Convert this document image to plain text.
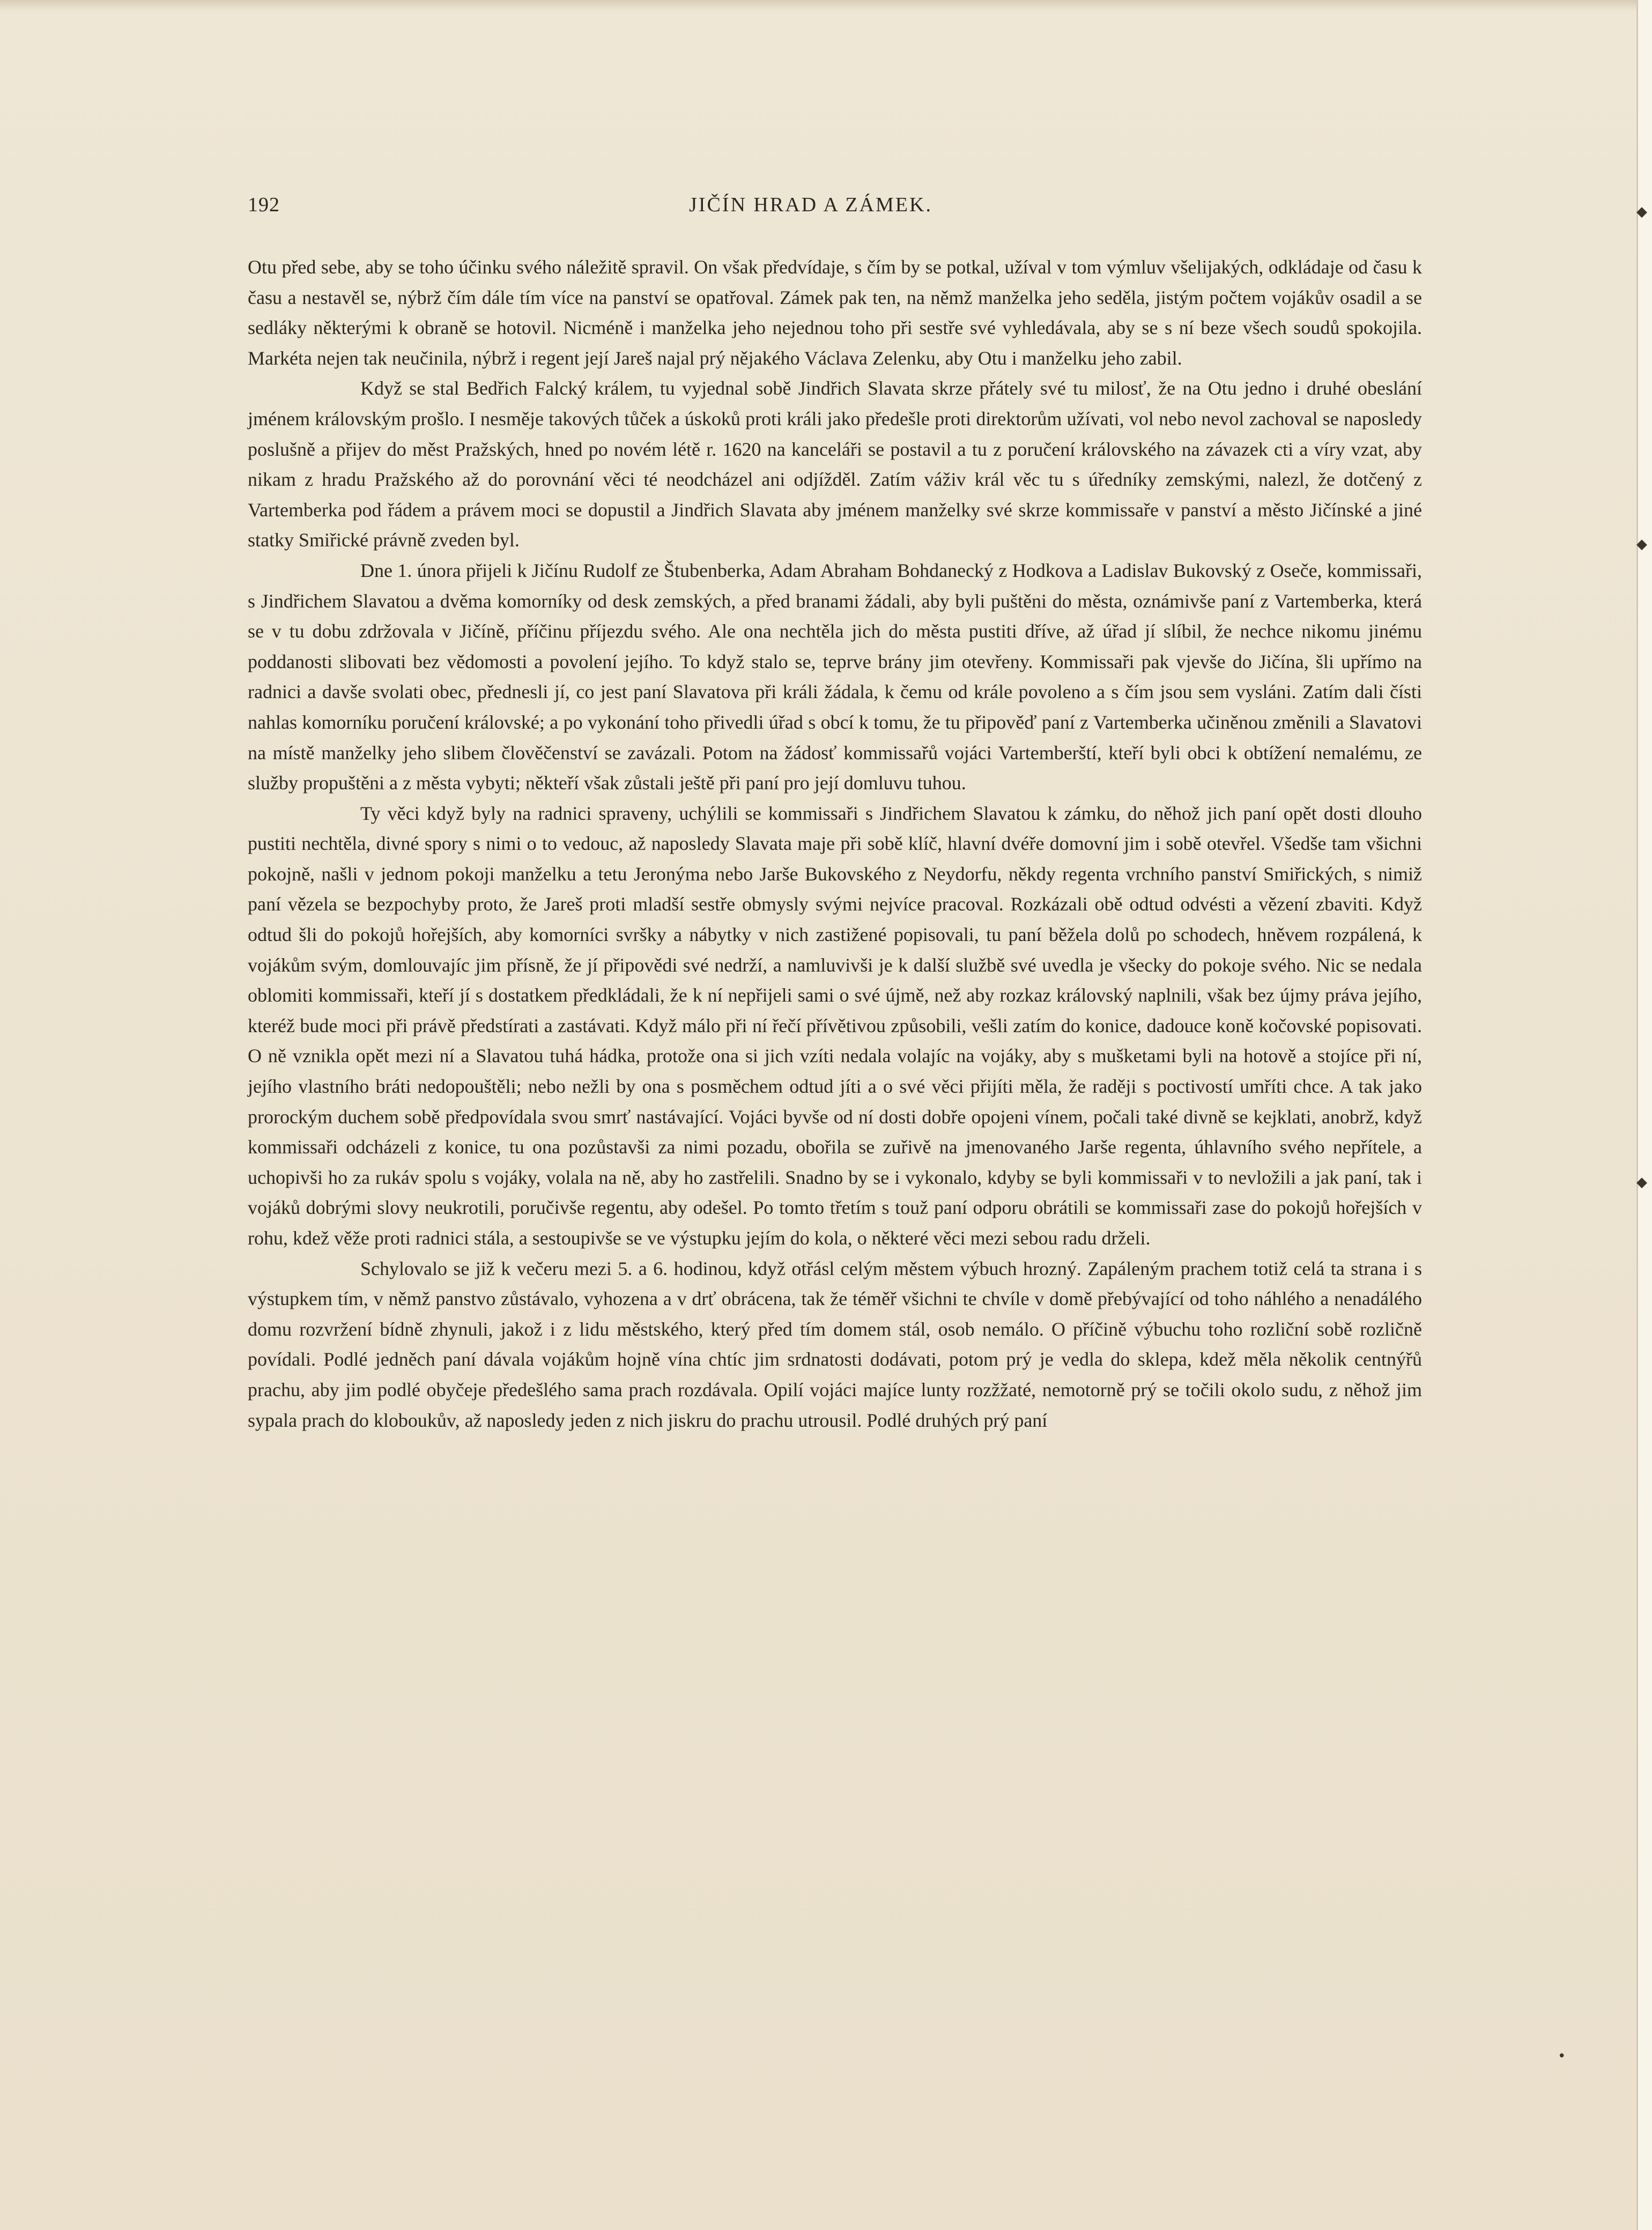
192	JIČÍN HRAD A ZÁMEK.

Otu před sebe, aby se toho účinku svého náležitě spravil. On však předvídaje, s čím by se potkal, užíval v tom výmluv všelijakých, odkládaje od času k času a nestavěl se, nýbrž čím dále tím více na panství se opatřoval. Zámek pak ten, na němž manželka jeho seděla, jistým počtem vojákův osadil a se sedláky některými k obraně se hotovil. Nicméně i manželka jeho nejednou toho při sestře své vyhledávala, aby se s ní beze všech soudů spokojila. Markéta nejen tak neučinila, nýbrž i regent její Jareš najal prý nějakého Václava Zelenku, aby Otu i manželku jeho zabil.

Když se stal Bedřich Falcký králem, tu vyjednal sobě Jindřich Slavata skrze přátely své tu milosť, že na Otu jedno i druhé obeslání jménem královským prošlo. I nesměje takových tůček a úskoků proti králi jako předešle proti direktorům užívati, vol nebo nevol zachoval se naposledy poslušně a přijev do měst Pražských, hned po novém létě r. 1620 na kanceláři se postavil a tu z poručení královského na závazek cti a víry vzat, aby nikam z hradu Pražského až do porovnání věci té neodcházel ani odjížděl. Zatím váživ král věc tu s úředníky zemskými, nalezl, že dotčený z Vartemberka pod řádem a právem moci se dopustil a Jindřich Slavata aby jménem manželky své skrze kommissaře v panství a město Jičínské a jiné statky Smiřické právně zveden byl.

Dne 1. února přijeli k Jičínu Rudolf ze Štubenberka, Adam Abraham Bohdanecký z Hodkova a Ladislav Bukovský z Oseče, kommissaři, s Jindřichem Slavatou a dvěma komorníky od desk zemských, a před branami žádali, aby byli puštěni do města, oznámivše paní z Vartemberka, která se v tu dobu zdržovala v Jičíně, příčinu příjezdu svého. Ale ona nechtěla jich do města pustiti dříve, až úřad jí slíbil, že nechce nikomu jinému poddanosti slibovati bez vědomosti a povolení jejího. To když stalo se, teprve brány jim otevřeny. Kommissaři pak vjevše do Jičína, šli upřímo na radnici a davše svolati obec, přednesli jí, co jest paní Slavatova při králi žádala, k čemu od krále povoleno a s čím jsou sem vysláni. Zatím dali čísti nahlas komorníku poručení královské; a po vykonání toho přivedli úřad s obcí k tomu, že tu připověď paní z Vartemberka učiněnou změnili a Slavatovi na místě manželky jeho slibem člověčenství se zavázali. Potom na žádosť kommissařů vojáci Vartemberští, kteří byli obci k obtížení nemalému, ze služby propuštěni a z města vybyti; někteří však zůstali ještě při paní pro její domluvu tuhou.

Ty věci když byly na radnici spraveny, uchýlili se kommissaři s Jindřichem Slavatou k zámku, do něhož jich paní opět dosti dlouho pustiti nechtěla, divné spory s nimi o to vedouc, až naposledy Slavata maje při sobě klíč, hlavní dvéře domovní jim i sobě otevřel. Všedše tam všichni pokojně, našli v jednom pokoji manželku a tetu Jeronýma nebo Jarše Bukovského z Neydorfu, někdy regenta vrchního panství Smiřických, s nimiž paní vězela se bezpochyby proto, že Jareš proti mladší sestře obmysly svými nejvíce pracoval. Rozkázali obě odtud odvésti a vězení zbaviti. Když odtud šli do pokojů hořejších, aby komorníci svršky a nábytky v nich zastižené popisovali, tu paní běžela dolů po schodech, hněvem rozpálená, k vojákům svým, domlouvajíc jim přísně, že jí připovědi své nedrží, a namluvivši je k další službě své uvedla je všecky do pokoje svého. Nic se nedala oblomiti kommissaři, kteří jí s dostatkem předkládali, že k ní nepřijeli sami o své újmě, než aby rozkaz královský naplnili, však bez újmy práva jejího, kteréž bude moci při právě předstírati a zastávati. Když málo při ní řečí přívětivou způsobili, vešli zatím do konice, dadouce koně kočovské popisovati. O ně vznikla opět mezi ní a Slavatou tuhá hádka, protože ona si jich vzíti nedala volajíc na vojáky, aby s mušketami byli na hotově a stojíce při ní, jejího vlastního bráti nedopouštěli; nebo nežli by ona s posměchem odtud jíti a o své věci přijíti měla, že raději s poctivostí umříti chce. A tak jako prorockým duchem sobě předpovídala svou smrť nastávající. Vojáci byvše od ní dosti dobře opojeni vínem, počali také divně se kejklati, anobrž, když kommissaři odcházeli z konice, tu ona pozůstavši za nimi pozadu, obořila se zuřivě na jmenovaného Jarše regenta, úhlavního svého nepřítele, a uchopivši ho za rukáv spolu s vojáky, volala na ně, aby ho zastřelili. Snadno by se i vykonalo, kdyby se byli kommissaři v to nevložili a jak paní, tak i vojáků dobrými slovy neukrotili, poručivše regentu, aby odešel. Po tomto třetím s touž paní odporu obrátili se kommissaři zase do pokojů hořejších v rohu, kdež věže proti radnici stála, a sestoupivše se ve výstupku jejím do kola, o některé věci mezi sebou radu drželi.

Schylovalo se již k večeru mezi 5. a 6. hodinou, když otřásl celým městem výbuch hrozný. Zapáleným prachem totiž celá ta strana i s výstupkem tím, v němž panstvo zůstávalo, vyhozena a v drť obrácena, tak že téměř všichni te chvíle v domě přebývající od toho náhlého a nenadálého domu rozvržení bídně zhynuli, jakož i z lidu městského, který před tím domem stál, osob nemálo. O příčině výbuchu toho rozliční sobě rozličně povídali. Podlé jedněch paní dávala vojákům hojně vína chtíc jim srdnatosti dodávati, potom prý je vedla do sklepa, kdež měla několik centnýřů prachu, aby jim podlé obyčeje předešlého sama prach rozdávala. Opilí vojáci majíce lunty rozžžaté, nemotorně prý se točili okolo sudu, z něhož jim sypala prach do kloboukův, až naposledy jeden z nich jiskru do prachu utrousil. Podlé druhých prý paní

◆
◆
◆
•
